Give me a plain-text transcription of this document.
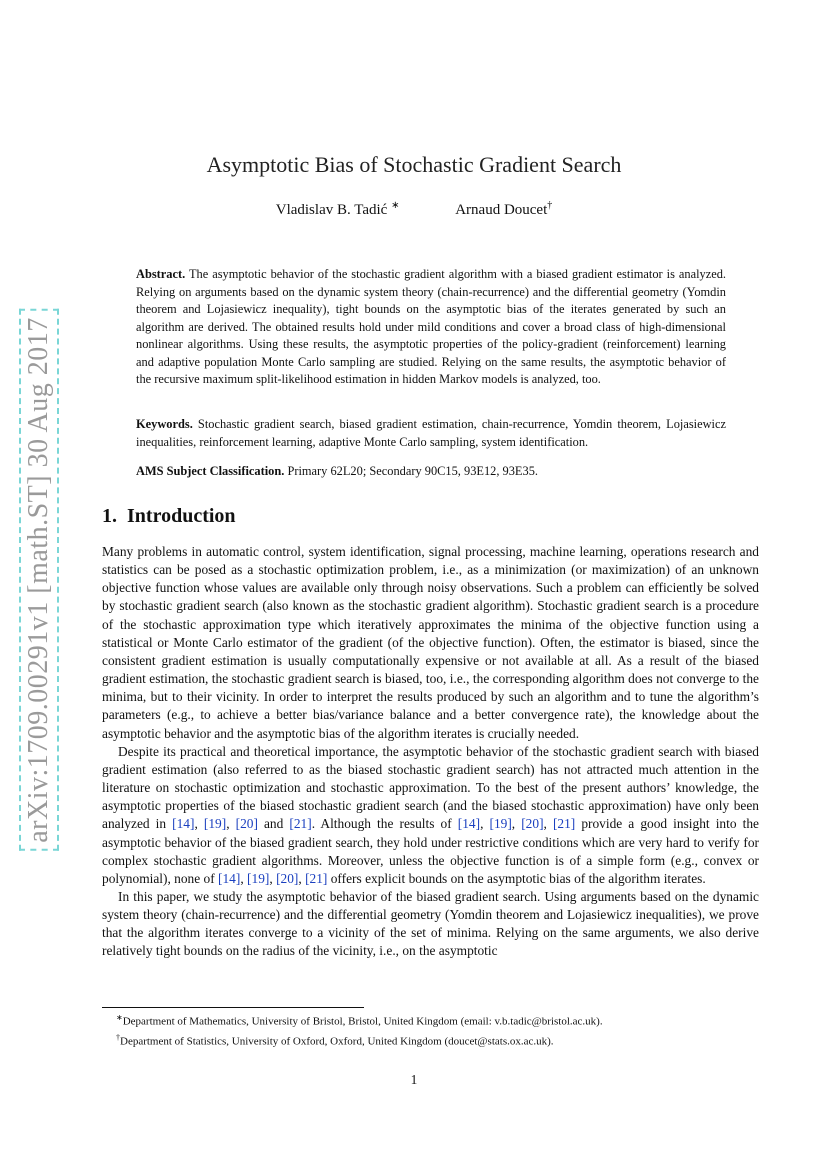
arXiv:1709.00291v1 [math.ST] 30 Aug 2017
Asymptotic Bias of Stochastic Gradient Search
Vladislav B. Tadić ∗	Arnaud Doucet†
Abstract. The asymptotic behavior of the stochastic gradient algorithm with a biased gradient estimator is analyzed. Relying on arguments based on the dynamic system theory (chain-recurrence) and the differential geometry (Yomdin theorem and Lojasiewicz inequality), tight bounds on the asymptotic bias of the iterates generated by such an algorithm are derived. The obtained results hold under mild conditions and cover a broad class of high-dimensional nonlinear algorithms. Using these results, the asymptotic properties of the policy-gradient (reinforcement) learning and adaptive population Monte Carlo sampling are studied. Relying on the same results, the asymptotic behavior of the recursive maximum split-likelihood estimation in hidden Markov models is analyzed, too.
Keywords. Stochastic gradient search, biased gradient estimation, chain-recurrence, Yomdin theorem, Lojasiewicz inequalities, reinforcement learning, adaptive Monte Carlo sampling, system identification.
AMS Subject Classification. Primary 62L20; Secondary 90C15, 93E12, 93E35.
1. Introduction

Many problems in automatic control, system identification, signal processing, machine learning, operations research and statistics can be posed as a stochastic optimization problem, i.e., as a minimization (or maximization) of an unknown objective function whose values are available only through noisy observations. Such a problem can efficiently be solved by stochastic gradient search (also known as the stochastic gradient algorithm). Stochastic gradient search is a procedure of the stochastic approximation type which iteratively approximates the minima of the objective function using a statistical or Monte Carlo estimator of the gradient (of the objective function). Often, the estimator is biased, since the consistent gradient estimation is usually computationally expensive or not available at all. As a result of the biased gradient estimation, the stochastic gradient search is biased, too, i.e., the corresponding algorithm does not converge to the minima, but to their vicinity. In order to interpret the results produced by such an algorithm and to tune the algorithm’s parameters (e.g., to achieve a better bias/variance balance and a better convergence rate), the knowledge about the asymptotic behavior and the asymptotic bias of the algorithm iterates is crucially needed.

Despite its practical and theoretical importance, the asymptotic behavior of the stochastic gradient search with biased gradient estimation (also referred to as the biased stochastic gradient search) has not attracted much attention in the literature on stochastic optimization and stochastic approximation. To the best of the present authors’ knowledge, the asymptotic properties of the biased stochastic gradient search (and the biased stochastic approximation) have only been analyzed in [14], [19], [20] and [21]. Although the results of [14], [19], [20], [21] provide a good insight into the asymptotic behavior of the biased gradient search, they hold under restrictive conditions which are very hard to verify for complex stochastic gradient algorithms. Moreover, unless the objective function is of a simple form (e.g., convex or polynomial), none of [14], [19], [20], [21] offers explicit bounds on the asymptotic bias of the algorithm iterates.

In this paper, we study the asymptotic behavior of the biased gradient search. Using arguments based on the dynamic system theory (chain-recurrence) and the differential geometry (Yomdin theorem and Lojasiewicz inequalities), we prove that the algorithm iterates converge to a vicinity of the set of minima. Relying on the same arguments, we also derive relatively tight bounds on the radius of the vicinity, i.e., on the asymptotic

∗Department of Mathematics, University of Bristol, Bristol, United Kingdom (email: v.b.tadic@bristol.ac.uk).
†Department of Statistics, University of Oxford, Oxford, United Kingdom (doucet@stats.ox.ac.uk).
1
